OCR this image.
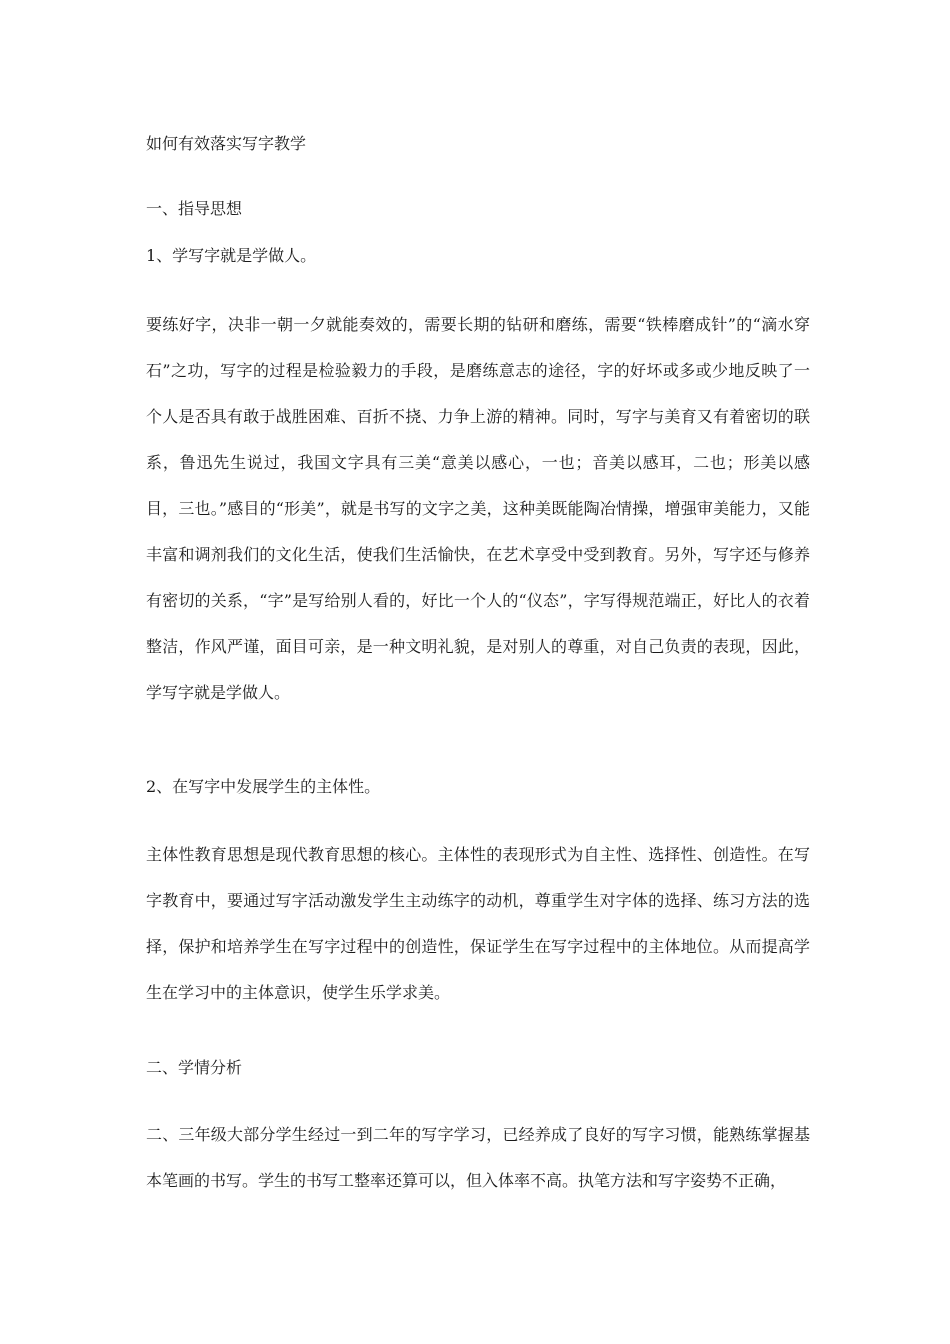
如何有效落实写字教学
一、指导思想
1、学写字就是学做人。

要练好字，决非一朝一夕就能奏效的，需要长期的钻研和磨练，需要“铁棒磨成针”的“滴水穿石”之功，写字的过程是检验毅力的手段，是磨练意志的途径，字的好坏或多或少地反映了一个人是否具有敢于战胜困难、百折不挠、力争上游的精神。同时，写字与美育又有着密切的联系，鲁迅先生说过，我国文字具有三美“意美以感心，一也；音美以感耳，二也；形美以感目，三也。”感目的“形美”，就是书写的文字之美，这种美既能陶冶情操，增强审美能力，又能丰富和调剂我们的文化生活，使我们生活愉快，在艺术享受中受到教育。另外，写字还与修养有密切的关系，“字”是写给别人看的，好比一个人的“仪态”，字写得规范端正，好比人的衣着整洁，作风严谨，面目可亲，是一种文明礼貌，是对别人的尊重，对自己负责的表现，因此，学写字就是学做人。

2、在写字中发展学生的主体性。

主体性教育思想是现代教育思想的核心。主体性的表现形式为自主性、选择性、创造性。在写字教育中，要通过写字活动激发学生主动练字的动机，尊重学生对字体的选择、练习方法的选择，保护和培养学生在写字过程中的创造性，保证学生在写字过程中的主体地位。从而提高学生在学习中的主体意识，使学生乐学求美。

二、学情分析

二、三年级大部分学生经过一到二年的写字学习，已经养成了良好的写字习惯，能熟练掌握基本笔画的书写。学生的书写工整率还算可以，但入体率不高。执笔方法和写字姿势不正确，
